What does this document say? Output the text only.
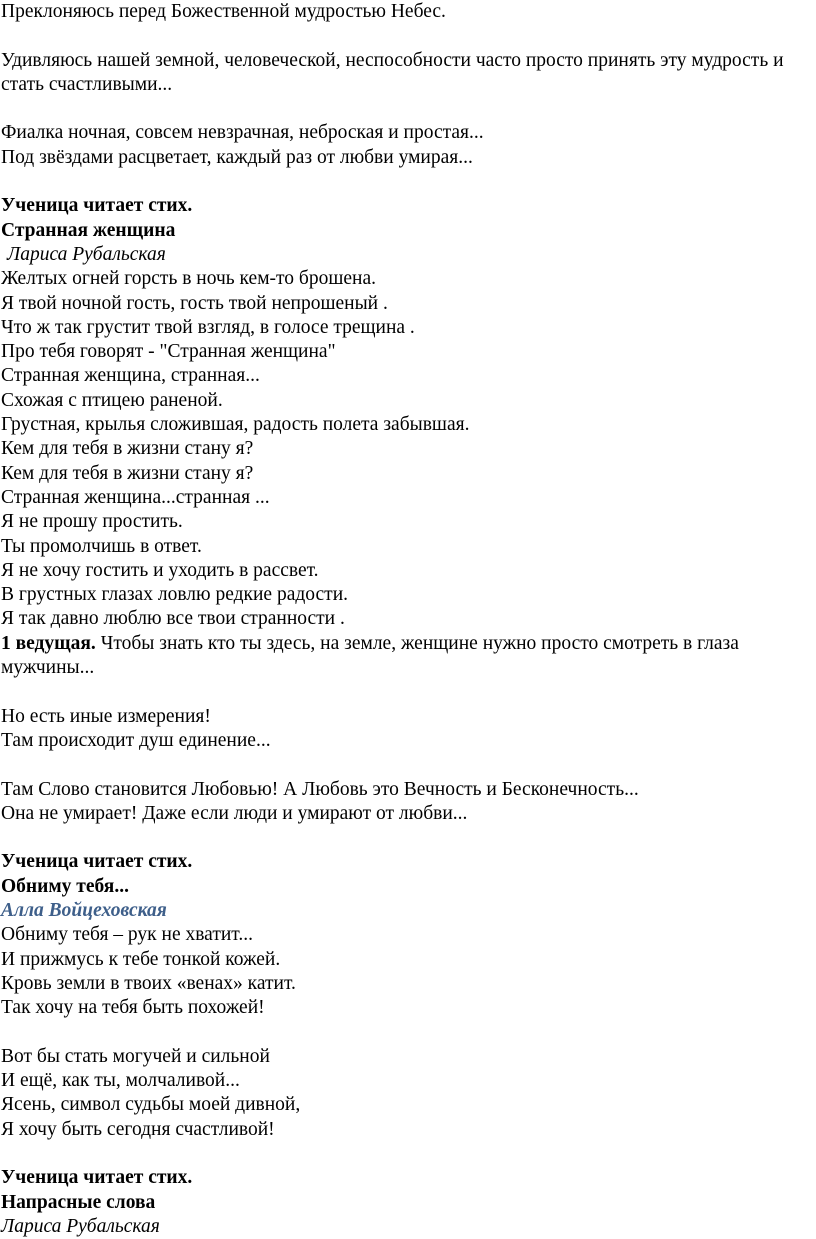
Преклоняюсь перед Божественной мудростью Небес.
Удивляюсь нашей земной, человеческой, неспособности часто просто принять эту мудрость и стать счастливыми...
Фиалка ночная, совсем невзрачная, неброская и простая...
Под звёздами расцветает, каждый раз от любви умирая...
Ученица читает стих.
Странная женщина
Лариса Рубальская
Желтых огней горсть в ночь кем-то брошена.
Я твой ночной гость, гость твой непрошеный .
Что ж так грустит твой взгляд, в голосе трещина .
Про тебя говорят - "Странная женщина"
Странная женщина, странная...
Схожая с птицею раненой.
Грустная, крылья сложившая, радость полета забывшая.
Кем для тебя в жизни стану я?
Кем для тебя в жизни стану я?
Странная женщина...странная ...
Я не прошу простить.
Ты промолчишь в ответ.
Я не хочу гостить и уходить в рассвет.
В грустных глазах ловлю редкие радости.
Я так давно люблю все твои странности .
1 ведущая. Чтобы знать кто ты здесь, на земле, женщине нужно просто смотреть в глаза мужчины...
Но есть иные измерения!
Там происходит душ единение...
Там Слово становится Любовью! А Любовь это Вечность и Бесконечность...
Она не умирает! Даже если люди и умирают от любви...
Ученица читает стих.
Обниму тебя...
Алла Войцеховская
Обниму тебя – рук не хватит...
И прижмусь к тебе тонкой кожей.
Кровь земли в твоих «венах» катит.
Так хочу на тебя быть похожей!
Вот бы стать могучей и сильной
И ещё, как ты, молчаливой...
Ясень, символ судьбы моей дивной,
Я хочу быть сегодня счастливой!
Ученица читает стих.
Напрасные слова
Лариса Рубальская
